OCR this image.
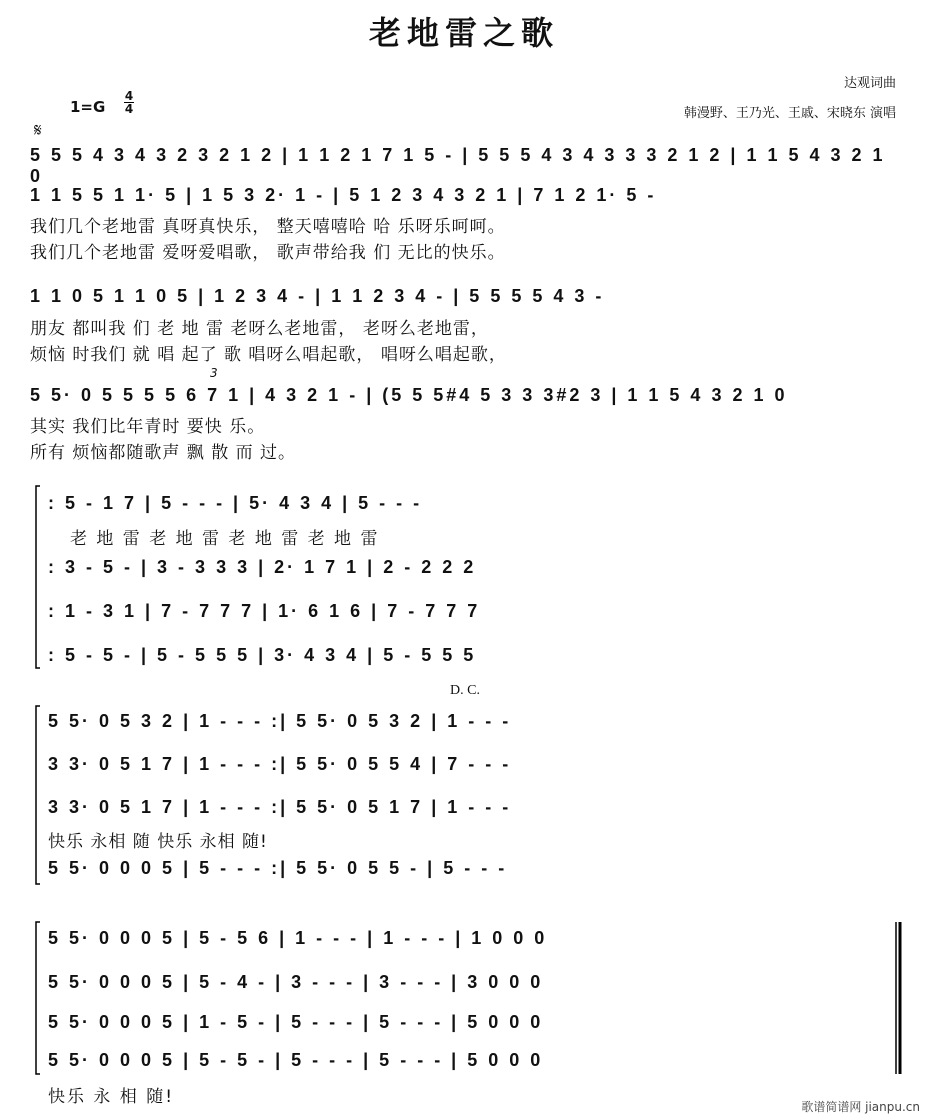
老地雷之歌
达观词曲
韩漫野、王乃光、王戚、宋晓东 演唱
1=G
4
4
𝄋
5 5 5 4 3 4 3 2 3 2 1 2 | 1 1 2 1 7 1 5 - | 5 5 5 4 3 4 3 3 3 2 1 2 | 1 1 5 4 3 2 1 0
1 1 5 5 1 1· 5 | 1 5 3 2· 1 - | 5 1 2 3 4 3 2 1 | 7 1 2 1· 5 -
我们几个老地雷 真呀真快乐， 整天嘻嘻哈 哈 乐呀乐呵呵。
我们几个老地雷 爱呀爱唱歌， 歌声带给我 们 无比的快乐。
1 1 0 5 1 1 0 5 | 1 2 3 4 - | 1 1 2 3 4 - | 5 5 5 5 4 3 -
朋友 都叫我 们 老 地 雷 老呀么老地雷， 老呀么老地雷，
烦恼 时我们 就 唱 起了 歌 唱呀么唱起歌， 唱呀么唱起歌，
3
5 5· 0 5 5 5 5 6 7 1 | 4 3 2 1 - | (5 5 5#4 5 3 3 3#2 3 | 1 1 5 4 3 2 1 0
其实 我们比年青时 要快 乐。
所有 烦恼都随歌声 飘 散 而 过。
: 5 - 1 7 | 5 - - - | 5· 4 3 4 | 5 - - -
老 地 雷 老 地 雷 老 地 雷 老 地 雷
: 3 - 5 - | 3 - 3 3 3 | 2· 1 7 1 | 2 - 2 2 2
: 1 - 3 1 | 7 - 7 7 7 | 1· 6 1 6 | 7 - 7 7 7
: 5 - 5 - | 5 - 5 5 5 | 3· 4 3 4 | 5 - 5 5 5
D. C.
5 5· 0 5 3 2 | 1 - - - :| 5 5· 0 5 3 2 | 1 - - -
3 3· 0 5 1 7 | 1 - - - :| 5 5· 0 5 5 4 | 7 - - -
3 3· 0 5 1 7 | 1 - - - :| 5 5· 0 5 1 7 | 1 - - -
快乐 永相 随 快乐 永相 随!
5 5· 0 0 0 5 | 5 - - - :| 5 5· 0 5 5 - | 5 - - -
5 5· 0 0 0 5 | 5 - 5 6 | 1 - - - | 1 - - - | 1 0 0 0
5 5· 0 0 0 5 | 5 - 4 - | 3 - - - | 3 - - - | 3 0 0 0
5 5· 0 0 0 5 | 1 - 5 - | 5 - - - | 5 - - - | 5 0 0 0
5 5· 0 0 0 5 | 5 - 5 - | 5 - - - | 5 - - - | 5 0 0 0
快乐 永 相 随!	歌谱简谱网 jianpu.cn
